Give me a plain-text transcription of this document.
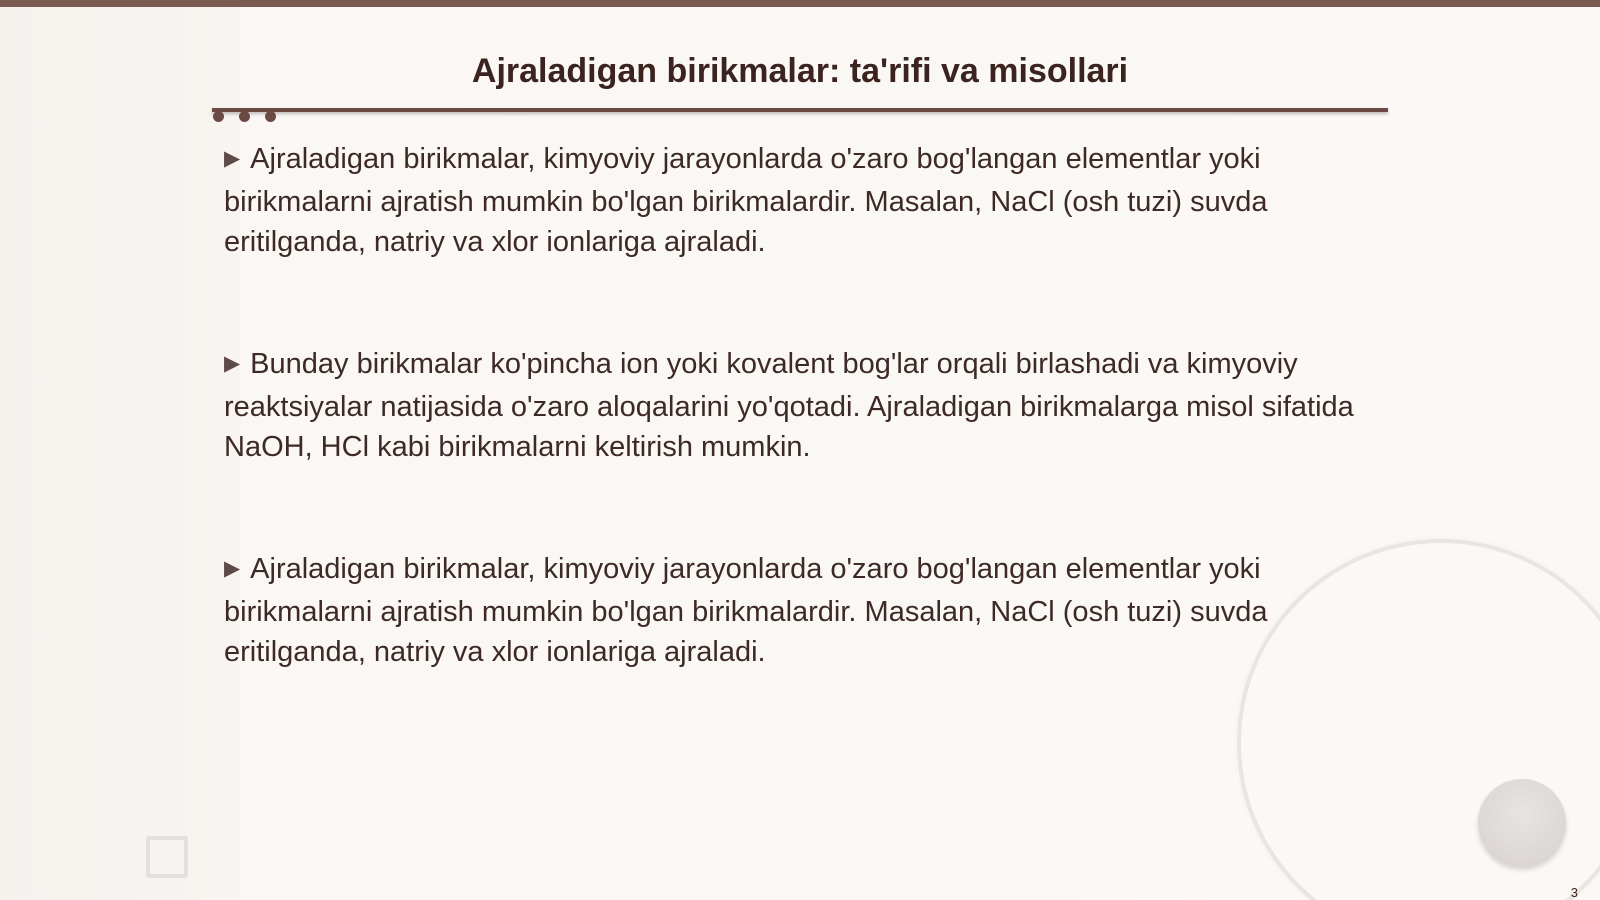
Ajraladigan birikmalar: ta'rifi va misollari

▶ Ajraladigan birikmalar, kimyoviy jarayonlarda o'zaro bog'langan elementlar yoki birikmalarni ajratish mumkin bo'lgan birikmalardir. Masalan, NaCl (osh tuzi) suvda eritilganda, natriy va xlor ionlariga ajraladi.

▶ Bunday birikmalar ko'pincha ion yoki kovalent bog'lar orqali birlashadi va kimyoviy reaktsiyalar natijasida o'zaro aloqalarini yo'qotadi. Ajraladigan birikmalarga misol sifatida NaOH, HCl kabi birikmalarni keltirish mumkin.

▶ Ajraladigan birikmalar, kimyoviy jarayonlarda o'zaro bog'langan elementlar yoki birikmalarni ajratish mumkin bo'lgan birikmalardir. Masalan, NaCl (osh tuzi) suvda eritilganda, natriy va xlor ionlariga ajraladi.

3
